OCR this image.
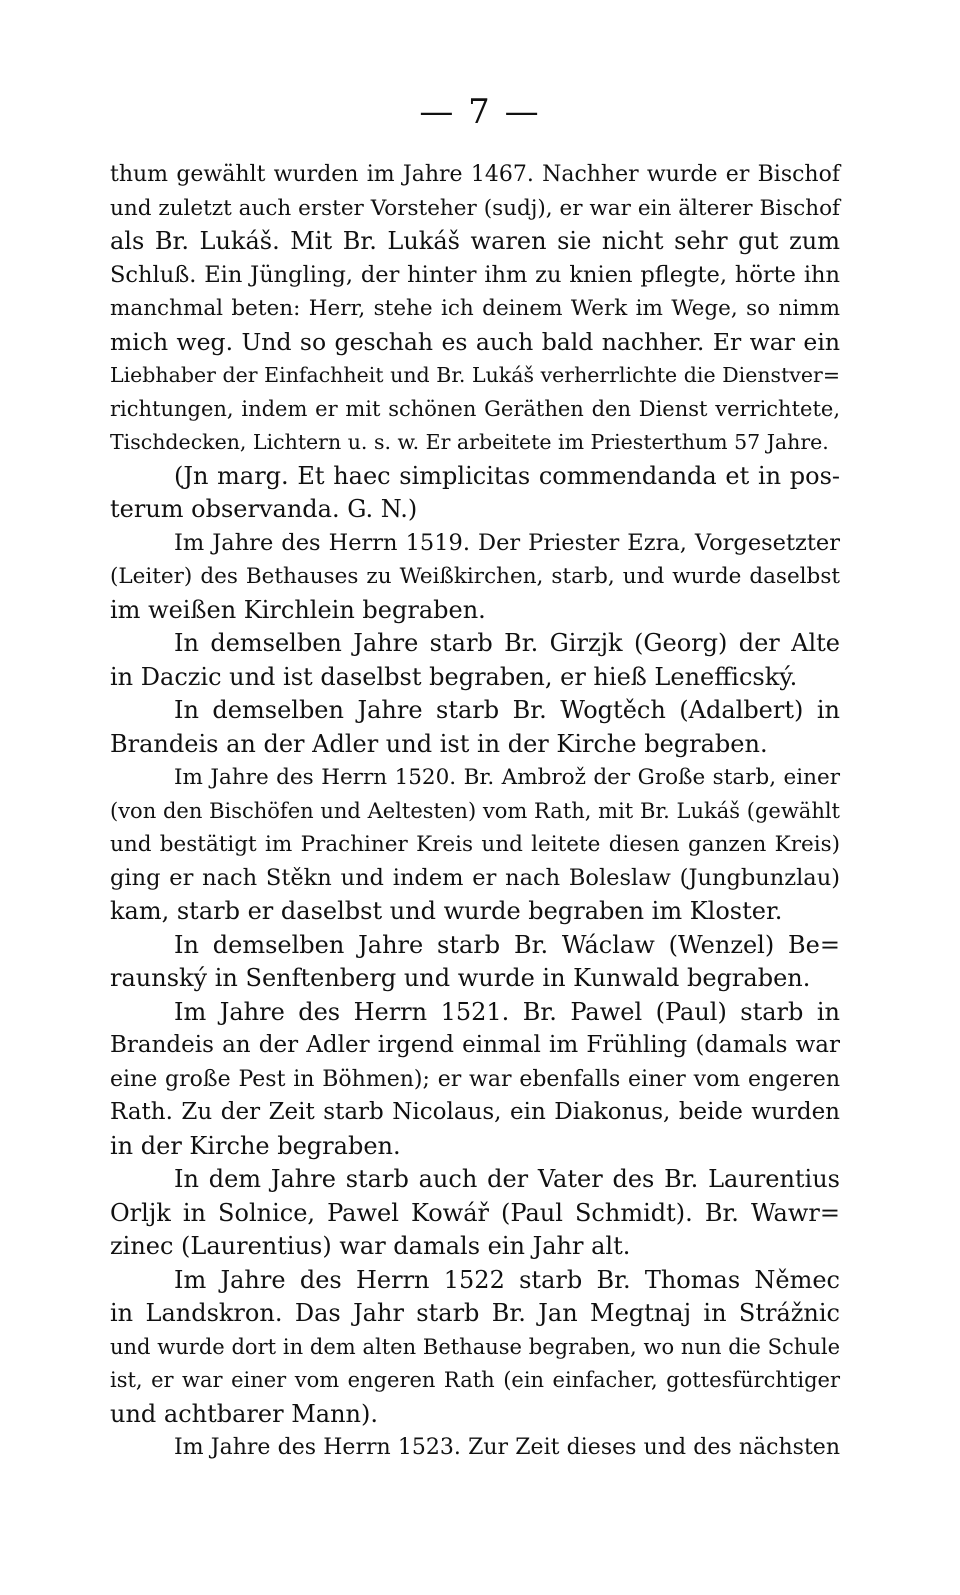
— 7 —
thum gewählt wurden im Jahre 1467. Nachher wurde er Bischof
und zuletzt auch erster Vorsteher (sudj), er war ein älterer Bischof
als Br. Lukáš. Mit Br. Lukáš waren sie nicht sehr gut zum
Schluß. Ein Jüngling, der hinter ihm zu knien pflegte, hörte ihn
manchmal beten: Herr, stehe ich deinem Werk im Wege, so nimm
mich weg. Und so geschah es auch bald nachher. Er war ein
Liebhaber der Einfachheit und Br. Lukáš verherrlichte die Dienstver=
richtungen, indem er mit schönen Geräthen den Dienst verrichtete,
Tischdecken, Lichtern u. s. w. Er arbeitete im Priesterthum 57 Jahre.
(Jn marg. Et haec simplicitas commendanda et in pos-
terum observanda. G. N.)
Im Jahre des Herrn 1519. Der Priester Ezra, Vorgesetzter
(Leiter) des Bethauses zu Weißkirchen, starb, und wurde daselbst
im weißen Kirchlein begraben.
In demselben Jahre starb Br. Girzjk (Georg) der Alte
in Daczic und ist daselbst begraben, er hieß Lenefficský.
In demselben Jahre starb Br. Wogtěch (Adalbert) in
Brandeis an der Adler und ist in der Kirche begraben.
Im Jahre des Herrn 1520. Br. Ambrož der Große starb, einer
(von den Bischöfen und Aeltesten) vom Rath, mit Br. Lukáš (gewählt
und bestätigt im Prachiner Kreis und leitete diesen ganzen Kreis)
ging er nach Stěkn und indem er nach Boleslaw (Jungbunzlau)
kam, starb er daselbst und wurde begraben im Kloster.
In demselben Jahre starb Br. Wáclaw (Wenzel) Be=
raunský in Senftenberg und wurde in Kunwald begraben.
Im Jahre des Herrn 1521. Br. Pawel (Paul) starb in
Brandeis an der Adler irgend einmal im Frühling (damals war
eine große Pest in Böhmen); er war ebenfalls einer vom engeren
Rath. Zu der Zeit starb Nicolaus, ein Diakonus, beide wurden
in der Kirche begraben.
In dem Jahre starb auch der Vater des Br. Laurentius
Orljk in Solnice, Pawel Kowář (Paul Schmidt). Br. Wawr=
zinec (Laurentius) war damals ein Jahr alt.
Im Jahre des Herrn 1522 starb Br. Thomas Němec
in Landskron. Das Jahr starb Br. Jan Megtnaj in Strážnic
und wurde dort in dem alten Bethause begraben, wo nun die Schule
ist, er war einer vom engeren Rath (ein einfacher, gottesfürchtiger
und achtbarer Mann).
Im Jahre des Herrn 1523. Zur Zeit dieses und des nächsten
